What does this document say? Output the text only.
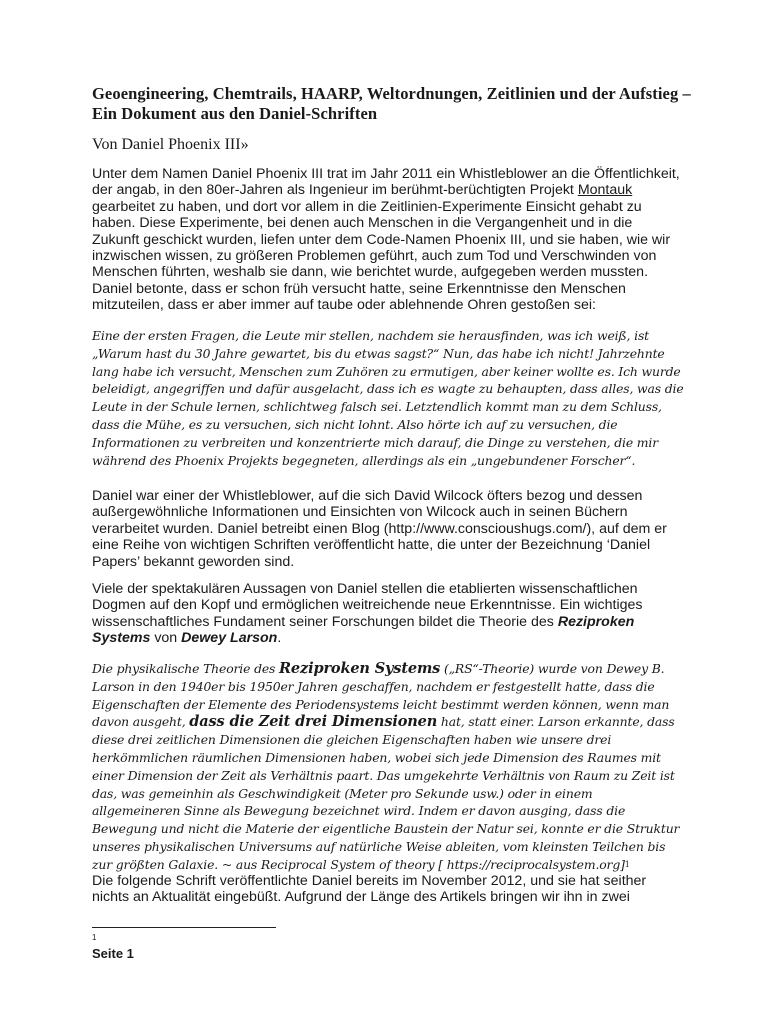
Geoengineering, Chemtrails, HAARP, Weltordnungen, Zeitlinien und der Aufstieg – Ein Dokument aus den Daniel-Schriften
Von Daniel Phoenix III»
Unter dem Namen Daniel Phoenix III trat im Jahr 2011 ein Whistleblower an die Öffentlichkeit, der angab, in den 80er-Jahren als Ingenieur im berühmt-berüchtigten Projekt Montauk gearbeitet zu haben, und dort vor allem in die Zeitlinien-Experimente Einsicht gehabt zu haben. Diese Experimente, bei denen auch Menschen in die Vergangenheit und in die Zukunft geschickt wurden, liefen unter dem Code-Namen Phoenix III, und sie haben, wie wir inzwischen wissen, zu größeren Problemen geführt, auch zum Tod und Verschwinden von Menschen führten, weshalb sie dann, wie berichtet wurde, aufgegeben werden mussten. Daniel betonte, dass er schon früh versucht hatte, seine Erkenntnisse den Menschen mitzuteilen, dass er aber immer auf taube oder ablehnende Ohren gestoßen sei:
Eine der ersten Fragen, die Leute mir stellen, nachdem sie herausfinden, was ich weiß, ist „Warum hast du 30 Jahre gewartet, bis du etwas sagst?“ Nun, das habe ich nicht! Jahrzehnte lang habe ich versucht, Menschen zum Zuhören zu ermutigen, aber keiner wollte es. Ich wurde beleidigt, angegriffen und dafür ausgelacht, dass ich es wagte zu behaupten, dass alles, was die Leute in der Schule lernen, schlichtweg falsch sei. Letztendlich kommt man zu dem Schluss, dass die Mühe, es zu versuchen, sich nicht lohnt. Also hörte ich auf zu versuchen, die Informationen zu verbreiten und konzentrierte mich darauf, die Dinge zu verstehen, die mir während des Phoenix Projekts begegneten, allerdings als ein „ungebundener Forscher“.
Daniel war einer der Whistleblower, auf die sich David Wilcock öfters bezog und dessen außergewöhnliche Informationen und Einsichten von Wilcock auch in seinen Büchern verarbeitet wurden. Daniel betreibt einen Blog (http://www.conscioushugs.com/), auf dem er eine Reihe von wichtigen Schriften veröffentlicht hatte, die unter der Bezeichnung ‘Daniel Papers’ bekannt geworden sind.
Viele der spektakulären Aussagen von Daniel stellen die etablierten wissenschaftlichen Dogmen auf den Kopf und ermöglichen weitreichende neue Erkenntnisse. Ein wichtiges wissenschaftliches Fundament seiner Forschungen bildet die Theorie des Reziproken Systems von Dewey Larson.
Die physikalische Theorie des Reziproken Systems („RS“-Theorie) wurde von Dewey B. Larson in den 1940er bis 1950er Jahren geschaffen, nachdem er festgestellt hatte, dass die Eigenschaften der Elemente des Periodensystems leicht bestimmt werden können, wenn man davon ausgeht, dass die Zeit drei Dimensionen hat, statt einer. Larson erkannte, dass diese drei zeitlichen Dimensionen die gleichen Eigenschaften haben wie unsere drei herkömmlichen räumlichen Dimensionen haben, wobei sich jede Dimension des Raumes mit einer Dimension der Zeit als Verhältnis paart. Das umgekehrte Verhältnis von Raum zu Zeit ist das, was gemeinhin als Geschwindigkeit (Meter pro Sekunde usw.) oder in einem allgemeineren Sinne als Bewegung bezeichnet wird. Indem er davon ausging, dass die Bewegung und nicht die Materie der eigentliche Baustein der Natur sei, konnte er die Struktur unseres physikalischen Universums auf natürliche Weise ableiten, vom kleinsten Teilchen bis zur größten Galaxie. ~ aus Reciprocal System of theory [ https://reciprocalsystem.org]$^1$
Die folgende Schrift veröffentlichte Daniel bereits im November 2012, und sie hat seither nichts an Aktualität eingebüßt. Aufgrund der Länge des Artikels bringen wir ihn in zwei
1
Seite 1
